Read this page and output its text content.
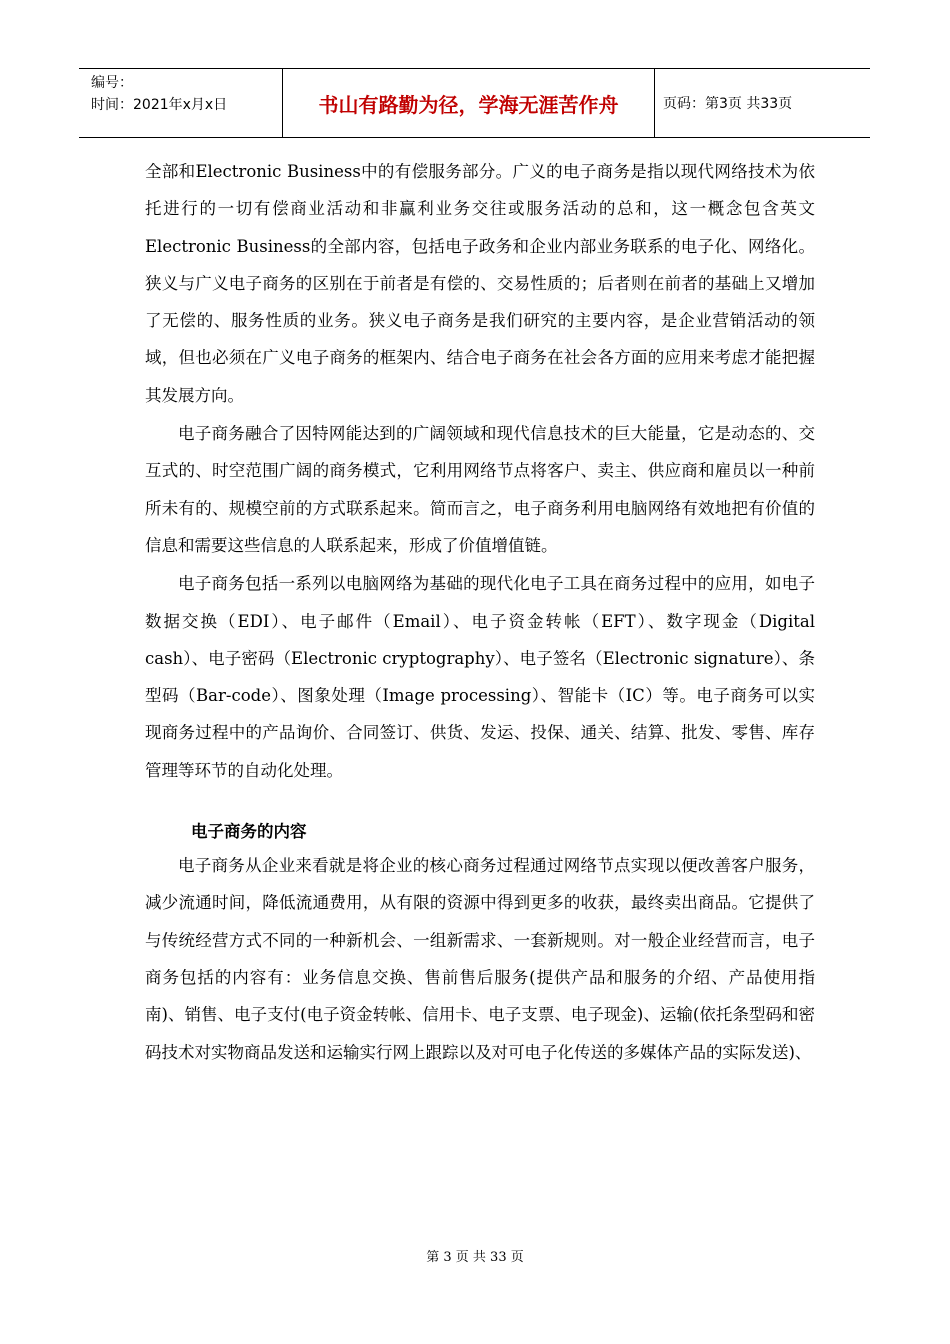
编号：
时间：2021年x月x日	书山有路勤为径，学海无涯苦作舟	页码：第3页 共33页

全部和Electronic Business中的有偿服务部分。广义的电子商务是指以现代网络技术为依托进行的一切有偿商业活动和非赢利业务交往或服务活动的总和，这一概念包含英文Electronic Business的全部内容，包括电子政务和企业内部业务联系的电子化、网络化。狭义与广义电子商务的区别在于前者是有偿的、交易性质的；后者则在前者的基础上又增加了无偿的、服务性质的业务。狭义电子商务是我们研究的主要内容，是企业营销活动的领域，但也必须在广义电子商务的框架内、结合电子商务在社会各方面的应用来考虑才能把握其发展方向。

电子商务融合了因特网能达到的广阔领域和现代信息技术的巨大能量，它是动态的、交互式的、时空范围广阔的商务模式，它利用网络节点将客户、卖主、供应商和雇员以一种前所未有的、规模空前的方式联系起来。简而言之，电子商务利用电脑网络有效地把有价值的信息和需要这些信息的人联系起来，形成了价值增值链。

电子商务包括一系列以电脑网络为基础的现代化电子工具在商务过程中的应用，如电子数据交换（EDI）、电子邮件（Email）、电子资金转帐（EFT）、数字现金（Digital cash）、电子密码（Electronic cryptography）、电子签名（Electronic signature）、条型码（Bar-code）、图象处理（Image processing）、智能卡（IC）等。电子商务可以实现商务过程中的产品询价、合同签订、供货、发运、投保、通关、结算、批发、零售、库存管理等环节的自动化处理。

电子商务的内容

电子商务从企业来看就是将企业的核心商务过程通过网络节点实现以便改善客户服务，减少流通时间，降低流通费用，从有限的资源中得到更多的收获，最终卖出商品。它提供了与传统经营方式不同的一种新机会、一组新需求、一套新规则。对一般企业经营而言，电子商务包括的内容有：业务信息交换、售前售后服务(提供产品和服务的介绍、产品使用指南)、销售、电子支付(电子资金转帐、信用卡、电子支票、电子现金)、运输(依托条型码和密码技术对实物商品发送和运输实行网上跟踪以及对可电子化传送的多媒体产品的实际发送)、

第 3 页 共 33 页
